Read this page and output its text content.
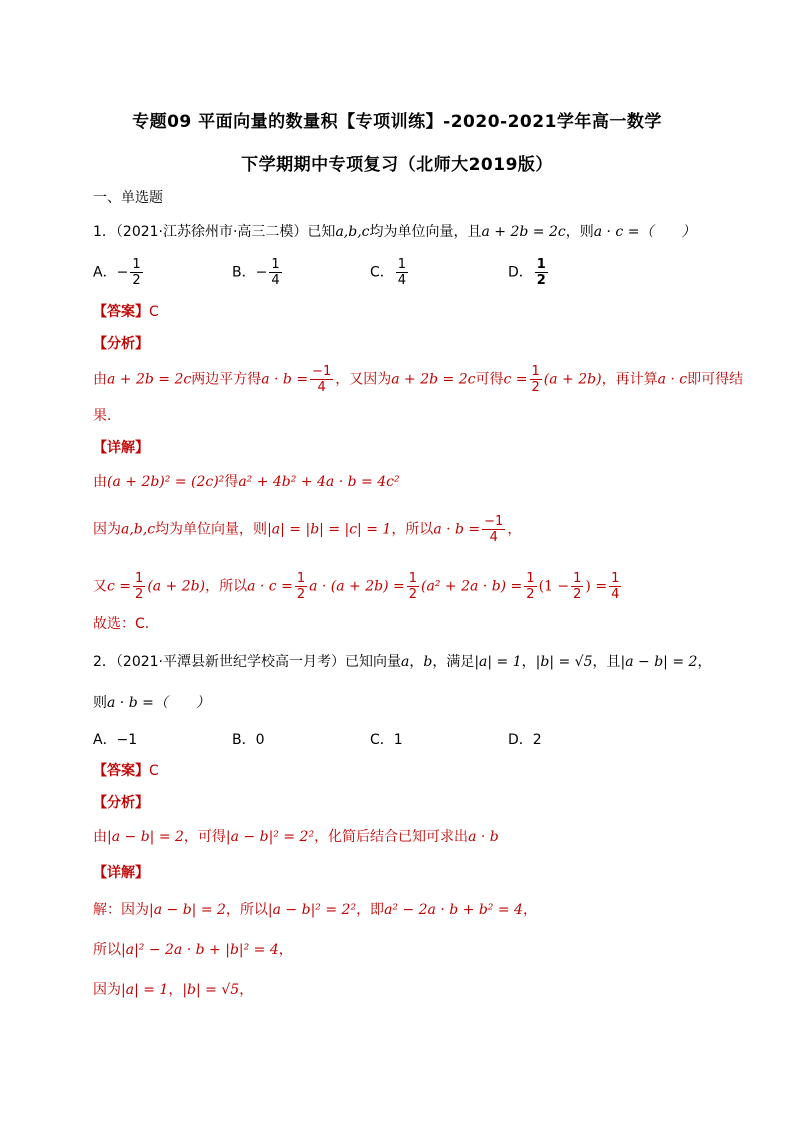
专题09 平面向量的数量积【专项训练】-2020-2021学年高一数学
下学期期中专项复习（北师大2019版）
一、单选题
1．（2021·江苏徐州市·高三二模）已知a,b,c均为单位向量，且a + 2b = 2c，则a · c =（　　）
A．− $\frac{1}{2}$	B．− $\frac{1}{4}$	C． $\frac{1}{4}$	D． $\frac{1}{2}$
【答案】C
【分析】
由a + 2b = 2c两边平方得$a \cdot b = \frac{-1}{4}$ ，又因为a + 2b = 2c可得$c = \frac{1}{2} (a + 2b)$，再计算a · c即可得结
果．
【详解】
由(a + 2b)² = (2c)²得a² + 4b² + 4a · b = 4c²
因为a,b,c均为单位向量，则|a| = |b| = |c| = 1，所以$a \cdot b = \frac{-1}{4}$ ，
又$c = \frac{1}{2} (a + 2b)$，所以$a \cdot c = \frac{1}{2}$ $a \cdot (a + 2b) = \frac{1}{2} (a^2 + 2a \cdot b) = \frac{1}{2} (1 - \frac{1}{2}$ ) = $\frac{1}{4}$
故选：C．
2．（2021·平潭县新世纪学校高一月考）已知向量a，b，满足|a| = 1，|b| = √5，且|a − b| = 2，
则a · b =（　　）
A．−1	B．0	C．1	D．2
【答案】C
【分析】
由|a − b| = 2，可得|a − b|² = 2²，化简后结合已知可求出a · b
【详解】
解：因为|a − b| = 2，所以|a − b|² = 2²，即a² − 2a · b + b² = 4，
所以|a|² − 2a · b + |b|² = 4，
因为|a| = 1，|b| = √5，
